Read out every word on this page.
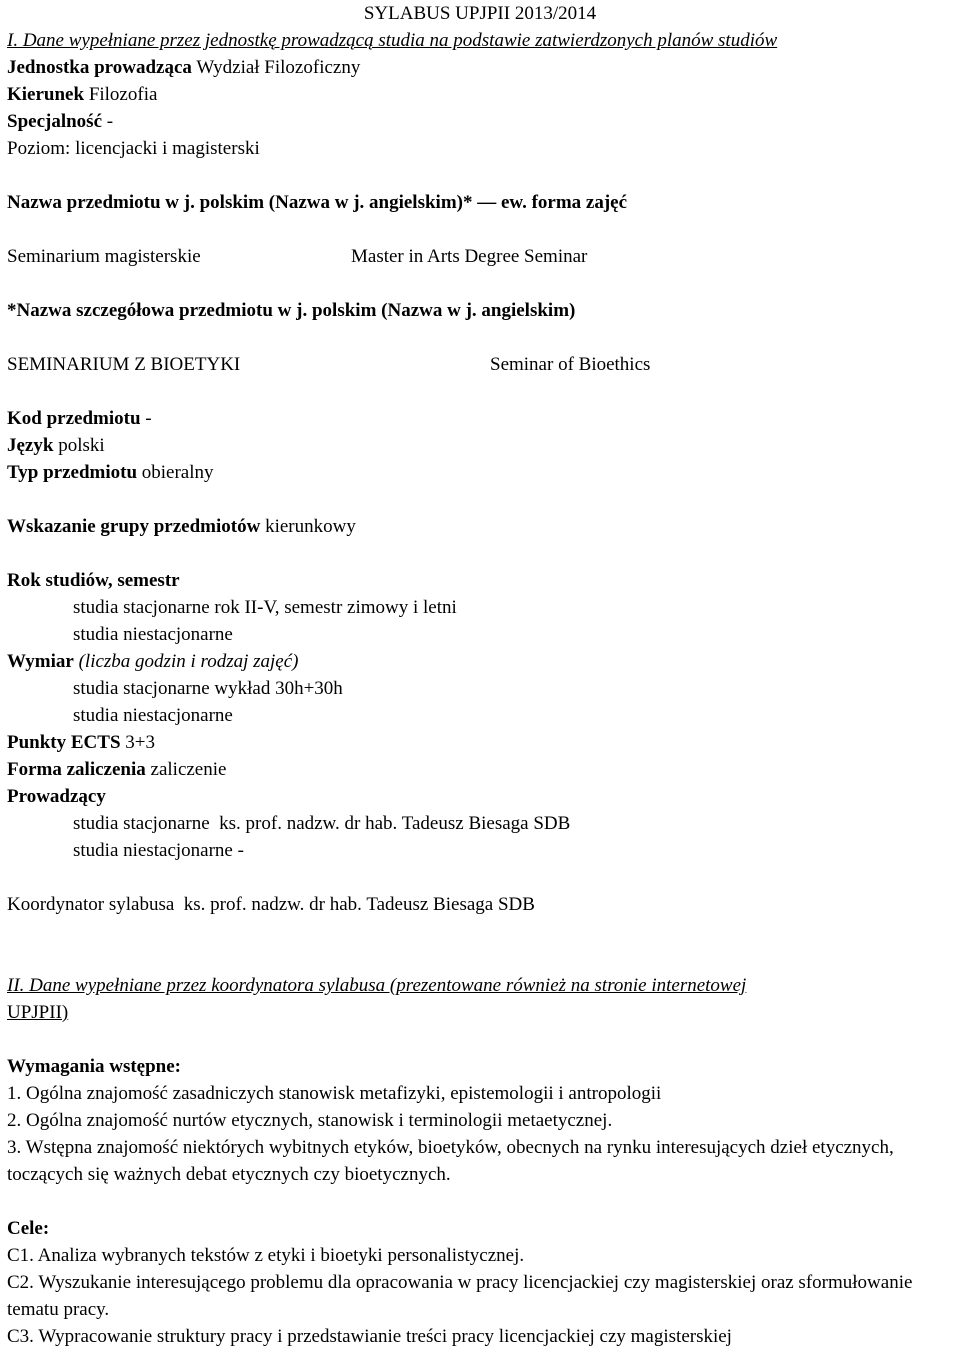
SYLABUS UPJPII 2013/2014
I. Dane wypełniane przez jednostkę prowadzącą studia na podstawie zatwierdzonych planów studiów
Jednostka prowadząca Wydział Filozoficzny
Kierunek Filozofia
Specjalność -
Poziom: licencjacki i magisterski
Nazwa przedmiotu w j. polskim (Nazwa w j. angielskim)* — ew. forma zajęć
Seminarium magisterskie	Master in Arts Degree Seminar
*Nazwa szczegółowa przedmiotu w j. polskim (Nazwa w j. angielskim)
SEMINARIUM Z BIOETYKI	Seminar of Bioethics
Kod przedmiotu -
Język polski
Typ przedmiotu obieralny
Wskazanie grupy przedmiotów kierunkowy
Rok studiów, semestr
studia stacjonarne rok II-V, semestr zimowy i letni
studia niestacjonarne
Wymiar (liczba godzin i rodzaj zajęć)
studia stacjonarne wykład 30h+30h
studia niestacjonarne
Punkty ECTS 3+3
Forma zaliczenia zaliczenie
Prowadzący
studia stacjonarne  ks. prof. nadzw. dr hab. Tadeusz Biesaga SDB
studia niestacjonarne -
Koordynator sylabusa  ks. prof. nadzw. dr hab. Tadeusz Biesaga SDB
II. Dane wypełniane przez koordynatora sylabusa (prezentowane również na stronie internetowej
UPJPII)
Wymagania wstępne:
1. Ogólna znajomość zasadniczych stanowisk metafizyki, epistemologii i antropologii
2. Ogólna znajomość nurtów etycznych, stanowisk i terminologii metaetycznej.
3. Wstępna znajomość niektórych wybitnych etyków, bioetyków, obecnych na rynku interesujących dzieł etycznych, toczących się ważnych debat etycznych czy bioetycznych.
Cele:
C1. Analiza wybranych tekstów z etyki i bioetyki personalistycznej.
C2. Wyszukanie interesującego problemu dla opracowania w pracy licencjackiej czy magisterskiej oraz sformułowanie tematu pracy.
C3. Wypracowanie struktury pracy i przedstawianie treści pracy licencjackiej czy magisterskiej
